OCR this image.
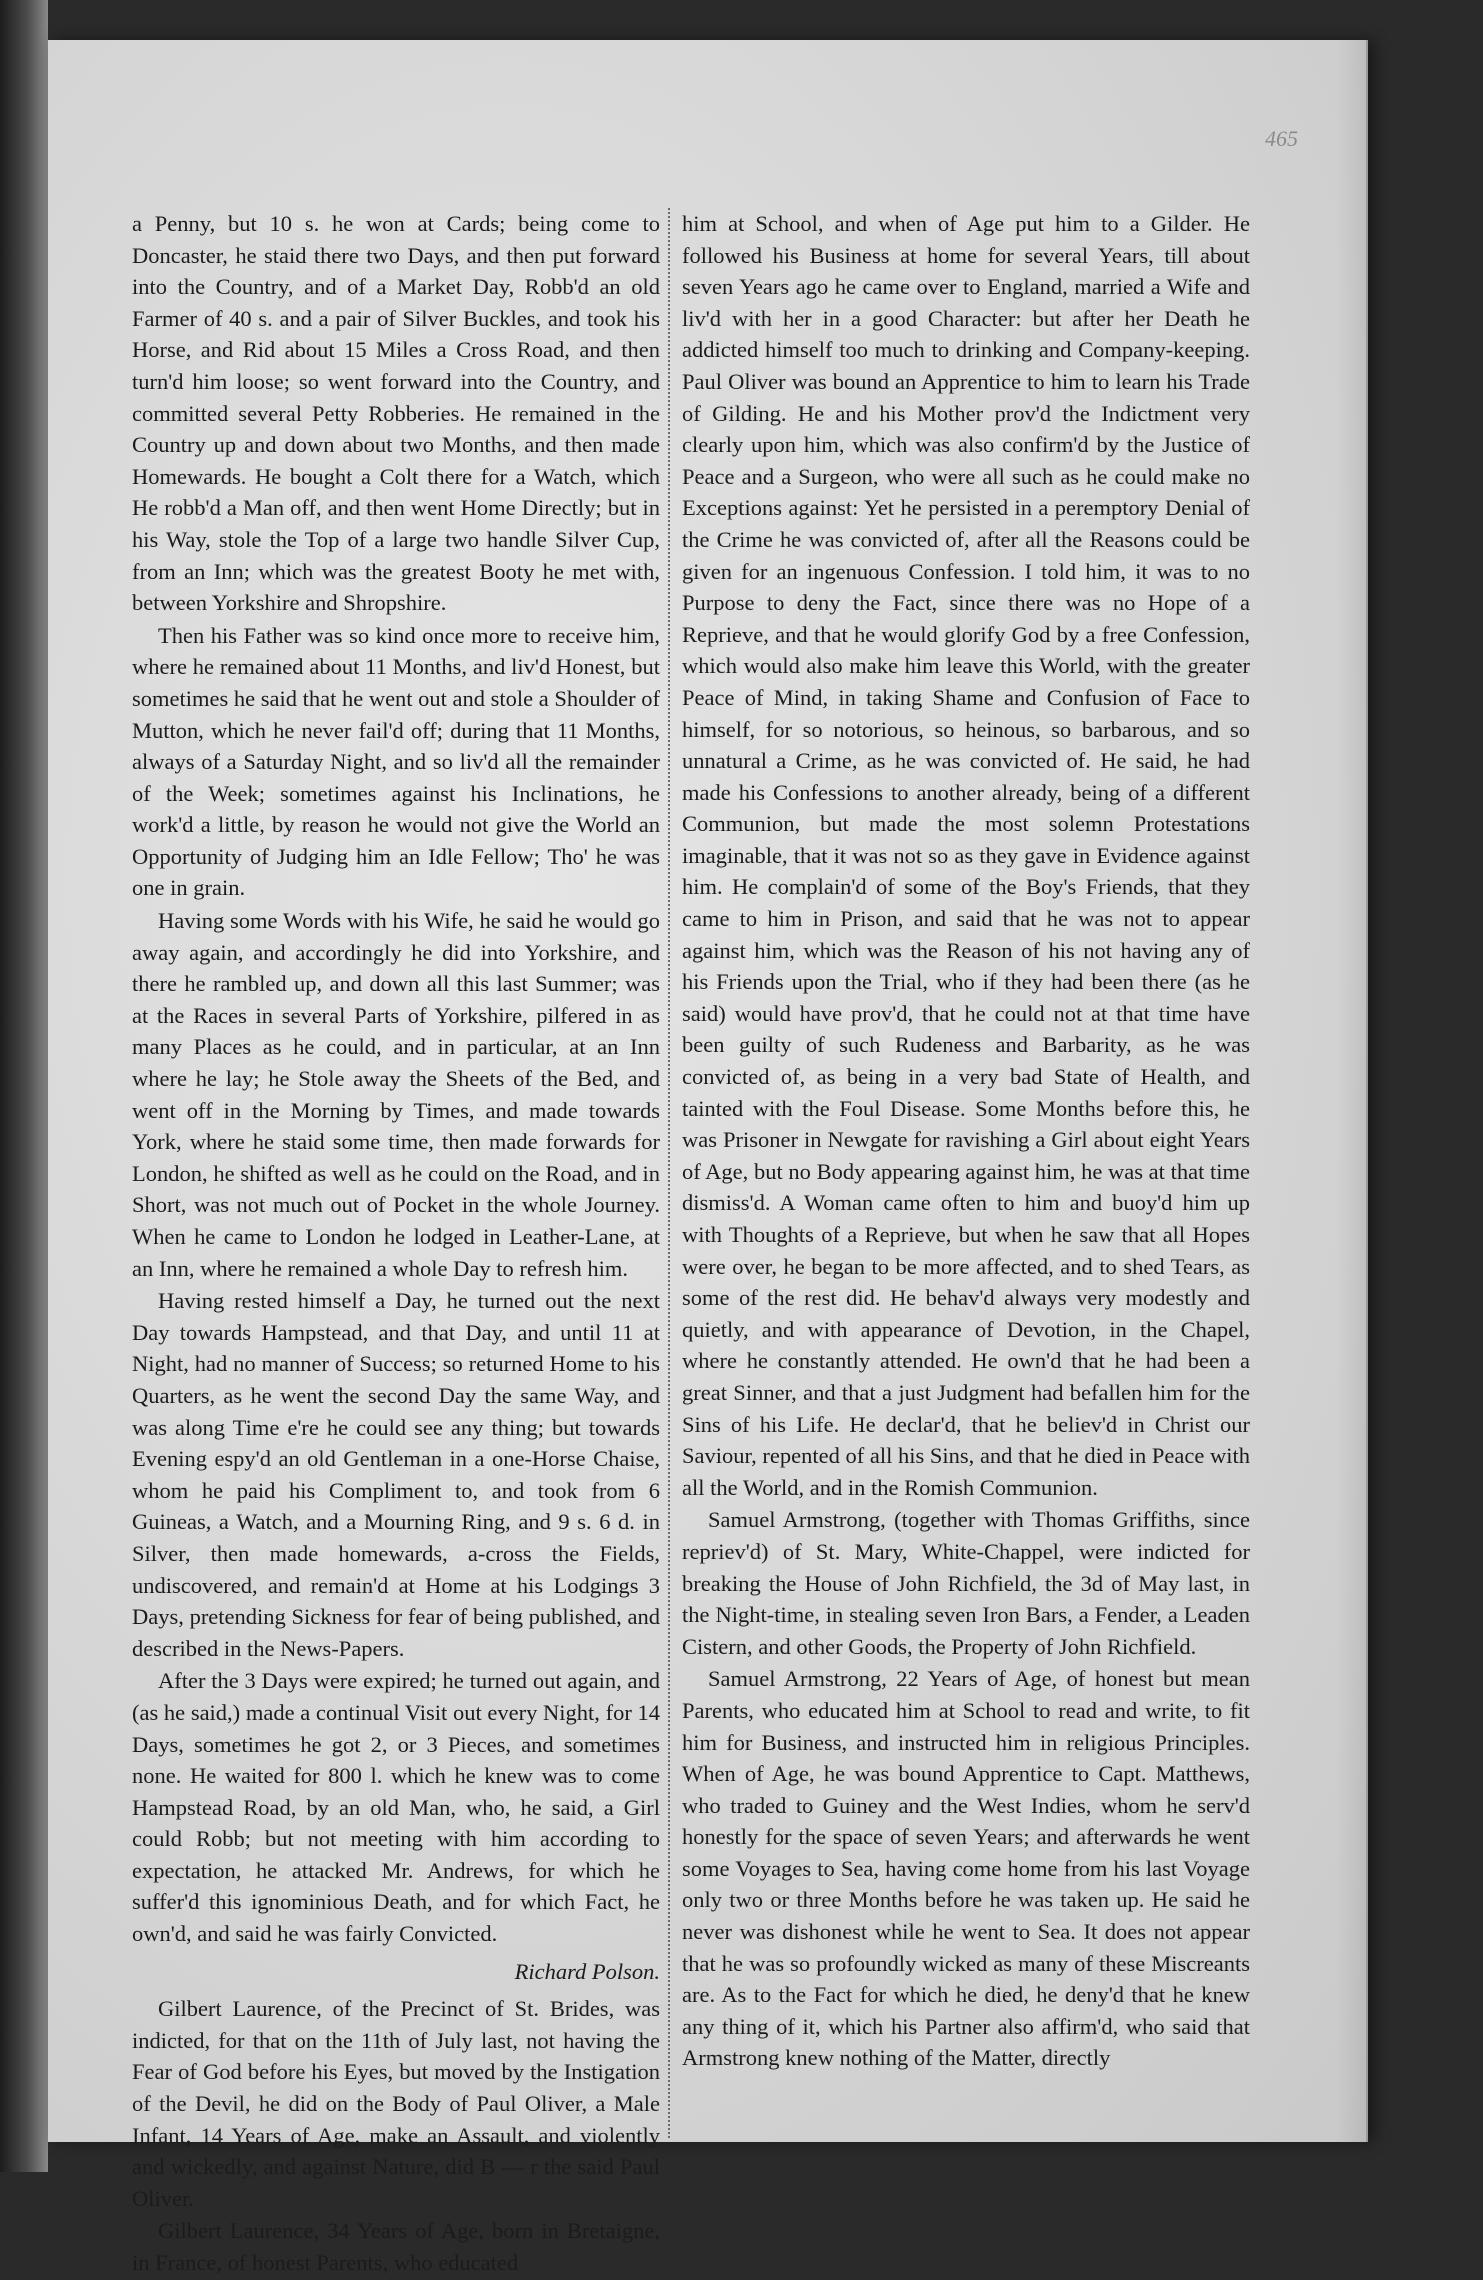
465

a Penny, but 10 s. he won at Cards; being come to Doncaster, he staid there two Days, and then put forward into the Country, and of a Market Day, Robb'd an old Farmer of 40 s. and a pair of Silver Buckles, and took his Horse, and Rid about 15 Miles a Cross Road, and then turn'd him loose; so went forward into the Country, and committed several Petty Robberies. He remained in the Country up and down about two Months, and then made Homewards. He bought a Colt there for a Watch, which He robb'd a Man off, and then went Home Directly; but in his Way, stole the Top of a large two handle Silver Cup, from an Inn; which was the greatest Booty he met with, between Yorkshire and Shropshire.

Then his Father was so kind once more to receive him, where he remained about 11 Months, and liv'd Honest, but sometimes he said that he went out and stole a Shoulder of Mutton, which he never fail'd off; during that 11 Months, always of a Saturday Night, and so liv'd all the remainder of the Week; sometimes against his Inclinations, he work'd a little, by reason he would not give the World an Opportunity of Judging him an Idle Fellow; Tho' he was one in grain.

Having some Words with his Wife, he said he would go away again, and accordingly he did into Yorkshire, and there he rambled up, and down all this last Summer; was at the Races in several Parts of Yorkshire, pilfered in as many Places as he could, and in particular, at an Inn where he lay; he Stole away the Sheets of the Bed, and went off in the Morning by Times, and made towards York, where he staid some time, then made forwards for London, he shifted as well as he could on the Road, and in Short, was not much out of Pocket in the whole Journey. When he came to London he lodged in Leather-Lane, at an Inn, where he remained a whole Day to refresh him.

Having rested himself a Day, he turned out the next Day towards Hampstead, and that Day, and until 11 at Night, had no manner of Success; so returned Home to his Quarters, as he went the second Day the same Way, and was along Time e're he could see any thing; but towards Evening espy'd an old Gentleman in a one-Horse Chaise, whom he paid his Compliment to, and took from 6 Guineas, a Watch, and a Mourning Ring, and 9 s. 6 d. in Silver, then made homewards, a-cross the Fields, undiscovered, and remain'd at Home at his Lodgings 3 Days, pretending Sickness for fear of being published, and described in the News-Papers.

After the 3 Days were expired; he turned out again, and (as he said,) made a continual Visit out every Night, for 14 Days, sometimes he got 2, or 3 Pieces, and sometimes none. He waited for 800 l. which he knew was to come Hampstead Road, by an old Man, who, he said, a Girl could Robb; but not meeting with him according to expectation, he attacked Mr. Andrews, for which he suffer'd this ignominious Death, and for which Fact, he own'd, and said he was fairly Convicted.

Richard Polson.

Gilbert Laurence, of the Precinct of St. Brides, was indicted, for that on the 11th of July last, not having the Fear of God before his Eyes, but moved by the Instigation of the Devil, he did on the Body of Paul Oliver, a Male Infant, 14 Years of Age, make an Assault, and violently and wickedly, and against Nature, did B — r the said Paul Oliver.

Gilbert Laurence, 34 Years of Age, born in Bretaigne, in France, of honest Parents, who educated

him at School, and when of Age put him to a Gilder. He followed his Business at home for several Years, till about seven Years ago he came over to England, married a Wife and liv'd with her in a good Character: but after her Death he addicted himself too much to drinking and Company-keeping. Paul Oliver was bound an Apprentice to him to learn his Trade of Gilding. He and his Mother prov'd the Indictment very clearly upon him, which was also confirm'd by the Justice of Peace and a Surgeon, who were all such as he could make no Exceptions against: Yet he persisted in a peremptory Denial of the Crime he was convicted of, after all the Reasons could be given for an ingenuous Confession. I told him, it was to no Purpose to deny the Fact, since there was no Hope of a Reprieve, and that he would glorify God by a free Confession, which would also make him leave this World, with the greater Peace of Mind, in taking Shame and Confusion of Face to himself, for so notorious, so heinous, so barbarous, and so unnatural a Crime, as he was convicted of. He said, he had made his Confessions to another already, being of a different Communion, but made the most solemn Protestations imaginable, that it was not so as they gave in Evidence against him. He complain'd of some of the Boy's Friends, that they came to him in Prison, and said that he was not to appear against him, which was the Reason of his not having any of his Friends upon the Trial, who if they had been there (as he said) would have prov'd, that he could not at that time have been guilty of such Rudeness and Barbarity, as he was convicted of, as being in a very bad State of Health, and tainted with the Foul Disease. Some Months before this, he was Prisoner in Newgate for ravishing a Girl about eight Years of Age, but no Body appearing against him, he was at that time dismiss'd. A Woman came often to him and buoy'd him up with Thoughts of a Reprieve, but when he saw that all Hopes were over, he began to be more affected, and to shed Tears, as some of the rest did. He behav'd always very modestly and quietly, and with appearance of Devotion, in the Chapel, where he constantly attended. He own'd that he had been a great Sinner, and that a just Judgment had befallen him for the Sins of his Life. He declar'd, that he believ'd in Christ our Saviour, repented of all his Sins, and that he died in Peace with all the World, and in the Romish Communion.

Samuel Armstrong, (together with Thomas Griffiths, since repriev'd) of St. Mary, White-Chappel, were indicted for breaking the House of John Richfield, the 3d of May last, in the Night-time, in stealing seven Iron Bars, a Fender, a Leaden Cistern, and other Goods, the Property of John Richfield.

Samuel Armstrong, 22 Years of Age, of honest but mean Parents, who educated him at School to read and write, to fit him for Business, and instructed him in religious Principles. When of Age, he was bound Apprentice to Capt. Matthews, who traded to Guiney and the West Indies, whom he serv'd honestly for the space of seven Years; and afterwards he went some Voyages to Sea, having come home from his last Voyage only two or three Months before he was taken up. He said he never was dishonest while he went to Sea. It does not appear that he was so profoundly wicked as many of these Miscreants are. As to the Fact for which he died, he deny'd that he knew any thing of it, which his Partner also affirm'd, who said that Armstrong knew nothing of the Matter, directly
